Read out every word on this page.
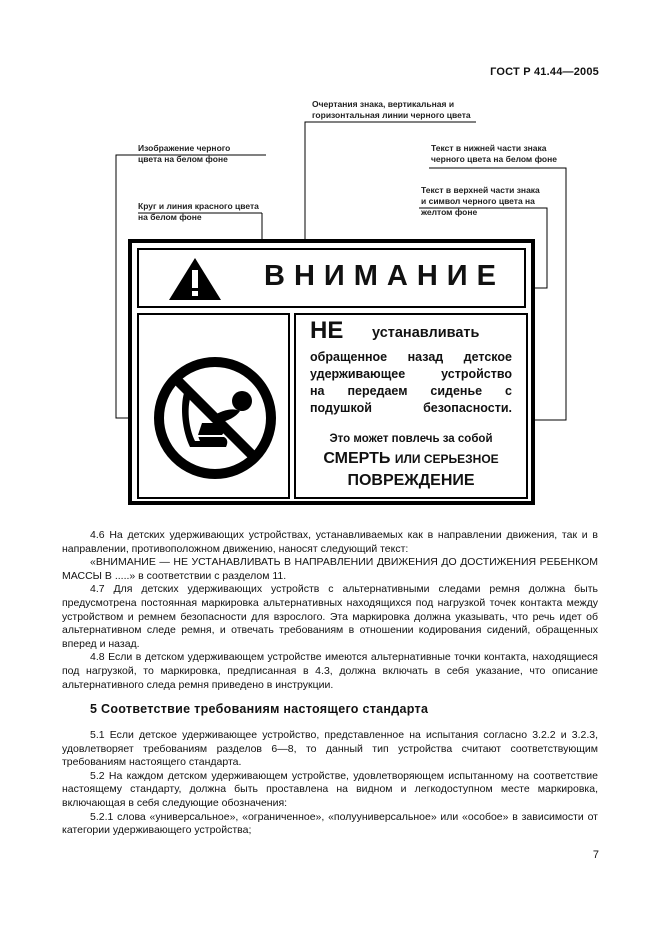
ГОСТ Р 41.44—2005
Очертания знака, вертикальная и
горизонтальная линии черного цвета
Изображение черного
цвета на белом фоне
Круг и линия красного цвета
на белом фоне
Текст в нижней части знака
черного цвета на белом фоне
Текст в верхней части знака
и символ черного цвета на
желтом фоне
ВНИМАНИЕ
НЕ устанавливать
обращенное назад детское
удерживающее устройство
на передаем сиденье с
подушкой безопасности.
Это может повлечь за собой
СМЕРТЬ ИЛИ СЕРЬЕЗНОЕ
ПОВРЕЖДЕНИЕ

4.6 На детских удерживающих устройствах, устанавливаемых как в направлении движения, так и в направлении, противоположном движению, наносят следующий текст:

«ВНИМАНИЕ — НЕ УСТАНАВЛИВАТЬ В НАПРАВЛЕНИИ ДВИЖЕНИЯ ДО ДОСТИЖЕНИЯ РЕБЕНКОМ МАССЫ В .....» в соответствии с разделом 11.

4.7 Для детских удерживающих устройств с альтернативными следами ремня должна быть предусмотрена постоянная маркировка альтернативных находящихся под нагрузкой точек контакта между устройством и ремнем безопасности для взрослого. Эта маркировка должна указывать, что речь идет об альтернативном следе ремня, и отвечать требованиям в отношении кодирования сидений, обращенных вперед и назад.

4.8 Если в детском удерживающем устройстве имеются альтернативные точки контакта, находящиеся под нагрузкой, то маркировка, предписанная в 4.3, должна включать в себя указание, что описание альтернативного следа ремня приведено в инструкции.

5 Соответствие требованиям настоящего стандарта

5.1 Если детское удерживающее устройство, представленное на испытания согласно 3.2.2 и 3.2.3, удовлетворяет требованиям разделов 6—8, то данный тип устройства считают соответствующим требованиям настоящего стандарта.

5.2 На каждом детском удерживающем устройстве, удовлетворяющем испытанному на соответствие настоящему стандарту, должна быть проставлена на видном и легкодоступном месте маркировка, включающая в себя следующие обозначения:

5.2.1 слова «универсальное», «ограниченное», «полууниверсальное» или «особое» в зависимости от категории удерживающего устройства;

7
